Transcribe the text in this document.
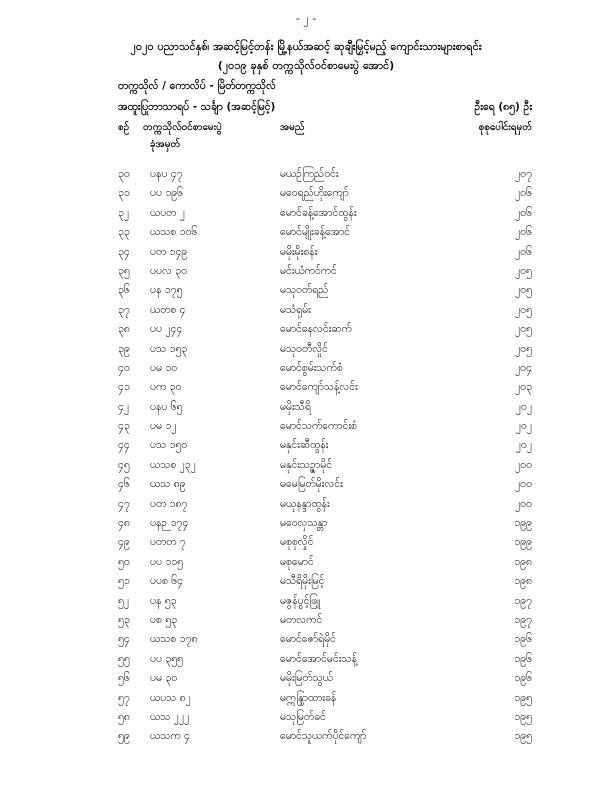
- ၂ -
၂၀၂၀ ပညာသင်နှစ်၊ အဆင့်မြင့်တန်း မြို့နယ်အဆင့် ဆုချီးမြှင့်မည့် ကျောင်းသားများစာရင်း
(၂၀၁၉ ခုနှစ် တက္ကသိုလ်ဝင်စာမေးပွဲ အောင်)
တက္ကသိုလ် / ကောလိပ် - မြိတ်တက္ကသိုလ်
အထူးပြုဘာသာရပ် - သင်္ချာ (အဆင့်မြင့်)	ဦးရေ (၈၅) ဦး
စဉ် တက္ကသိုလ်ဝင်စာမေးပွဲ
ခုံအမှတ်
အမည်	စုစုပေါင်းရမှတ်
၃၀	ပနပ ၄၇	မယဉ်ကြည်ဝင်း	၂၀၇
၃၁	ပပ ၁၉၆	မဝေရည်ဟိုးကျော်	၂၀၆
၃၂	ယပတ ၂	မောင်ခန့်အောင်ထွန်း	၂၀၆
၃၃	ယသစ ၁၀၆	မောင်မျိုးခန့်အောင်	၂၀၆
၃၄	ပတ ၁၄၉	မမိုးမိုးစန်း	၂၀၆
၃၅	ပပလ ၃၀	မင်းယံကင်ကင်	၂၀၅
၃၆	ပန ၁၇၅	မသုဝတ်ရည်	၂၀၅
၃၇	ယတစ ၄	မသံရှမ်း	၂၀၅
၃၈	ပပ ၂၄၄	မောင်နေလင်းဆက်	၂၀၅
၃၉	ပသ ၁၅၃	မသုဝတီလှိုင်	၂၀၅
၄၀	ပမ ၁၀	မောင်စွမ်းသက်စံ	၂၀၄
၄၁	ပက ၃၀	မောင်ကျော်သန့်လင်း	၂၀၃
၄၂	ပနပ ၆၅	မမိုးသီရိ	၂၀၂
၄၃	ပမ ၁၂	မောင်သက်ကောင်းစံ	၂၀၂
၄၄	ပသ ၁၅၀	မနှင်းဆီထွန်း	၂၀၂
၄၅	ယသစ ၂၃၂	မနှင်းသဉ္ဇာမိုင်	၂၀၀
၄၆	ယသ ၈၉	မမေမြတ်မိုးလင်း	၂၀၀
၄၇	ပတ ၁၈၇	မယုနန္ဒာထွန်း	၂၀၀
၄၈	ပနဉ ၁၇၄	မဝေလှသန္တာ	၁၉၉
၄၉	ပတတ ၇	မစုစုလှိုင်	၁၉၉
၅၀	ပပ ၁၁၅	မစုမောင်	၁၉၈
၅၁	ပပစ ၆၄	မသီရိမိုးမြင့်	၁၉၈
၅၂	ပန ၅၃	မဇွန်ပွင့်ဖြူ	၁၉၇
၅၃	ပစ ၅၃	မတလကင်	၁၉၇
၅၄	ယသစ ၁၇၈	မောင်ဇော်ရဲမိုင်	၁၉၆
၅၅	ပပ ၃၅၅	မောင်အောင်မင်းသန့်	၁၉၆
၅၆	ပမ ၃၀	မမိုးမြတ်သွယ်	၁၉၆
၅၇	ယပသ ၈၂	မဣန္ဒြာထားခန်	၁၉၅
၅၈	ယသ ၂၂၂	မသုမြတ်ခင်	၁၉၅
၅၉	ယသက ၄	မောင်သူယက်ပိုင်ကျော်	၁၉၅
